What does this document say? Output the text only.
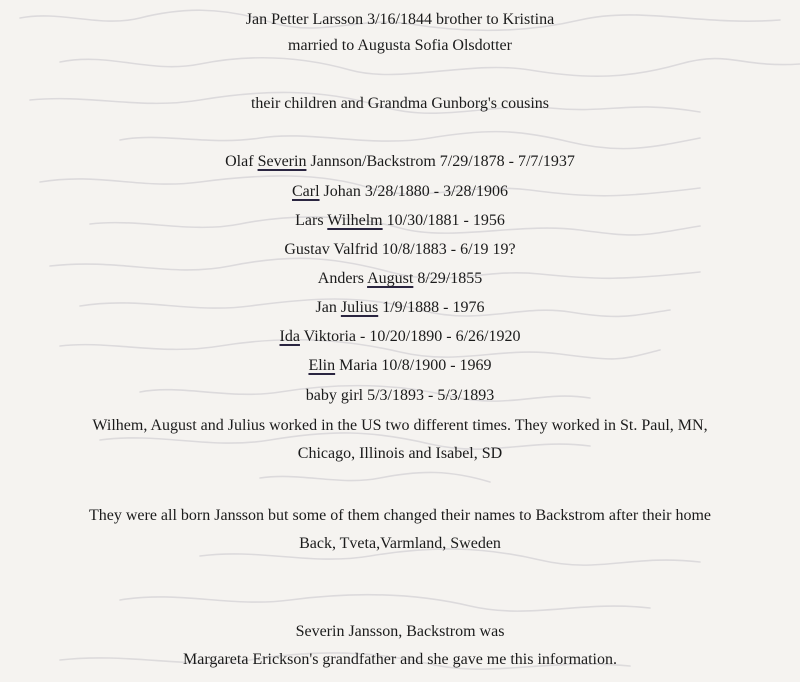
Jan Petter Larsson 3/16/1844 brother to Kristina
married to Augusta Sofia Olsdotter
their children and Grandma Gunborg's cousins
Olaf Severin Jannson/Backstrom 7/29/1878 - 7/7/1937
Carl Johan 3/28/1880 - 3/28/1906
Lars Wilhelm 10/30/1881 - 1956
Gustav Valfrid 10/8/1883 - 6/19 19?
Anders August 8/29/1855
Jan Julius 1/9/1888 - 1976
Ida Viktoria - 10/20/1890 - 6/26/1920
Elin Maria 10/8/1900 - 1969
baby girl 5/3/1893 - 5/3/1893
Wilhem, August and Julius worked in the US two different times. They worked in St. Paul, MN,
Chicago, Illinois and Isabel, SD
They were all born Jansson but some of them changed their names to Backstrom after their home
Back, Tveta,Varmland, Sweden
Severin Jansson, Backstrom was
Margareta Erickson's grandfather and she gave me this information.
